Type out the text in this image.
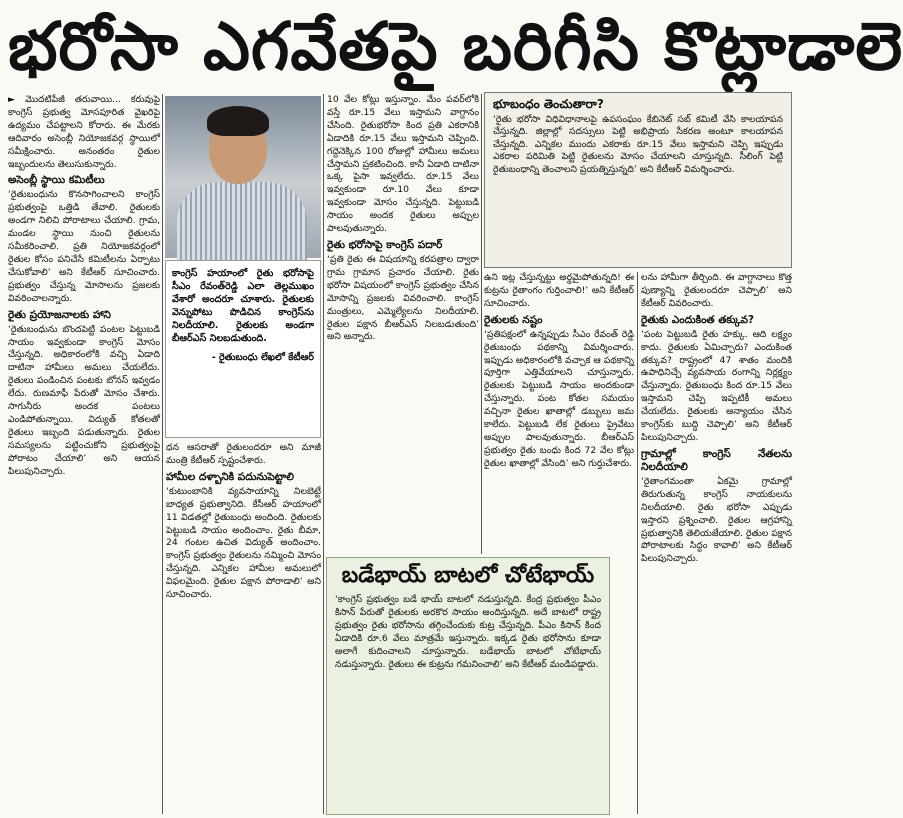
భరోసా ఎగవేతపై బరిగీసి కొట్లాడాలె

► మొదటిపేజీ తరువాయి... కరువుపై కాంగ్రెస్ ప్రభుత్వ మోసపూరిత వైఖరిపై ఉద్యమం చేపట్టాలని కోరారు. ఈ మేరకు ఆదివారం అసెంబ్లీ నియోజకవర్గ స్థాయిలో సమీక్షించారు. అనంతరం రైతుల ఇబ్బందులను తెలుసుకున్నారు.

అసెంబ్లీ స్థాయి కమిటీలు

‘రైతుబంధును కొనసాగించాలని కాంగ్రెస్ ప్రభుత్వంపై ఒత్తిడి తేవాలి. రైతులకు అండగా నిలిచి పోరాటాలు చేయాలి. గ్రామ, మండల స్థాయి నుంచి రైతులను సమీకరించాలి. ప్రతి నియోజకవర్గంలో రైతుల కోసం పనిచేసే కమిటీలను ఏర్పాటు చేసుకోవాలి’ అని కేటీఆర్ సూచించారు. ప్రభుత్వం చేస్తున్న మోసాలను ప్రజలకు వివరించాలన్నారు.

రైతు ప్రయోజనాలకు హాని

‘రైతుబంధును బొందపెట్టి పంటల పెట్టుబడి సాయం ఇవ్వకుండా కాంగ్రెస్ మోసం చేస్తున్నది. అధికారంలోకి వచ్చి ఏడాది దాటినా హామీలు అమలు చేయలేదు. రైతులు పండించిన పంటకు బోనస్ ఇవ్వడం లేదు. రుణమాఫీ పేరుతో మోసం చేశారు. సాగునీరు అందక పంటలు ఎండిపోతున్నాయి. విద్యుత్ కోతలతో రైతులు ఇబ్బంది పడుతున్నారు. రైతుల సమస్యలను పట్టించుకోని ప్రభుత్వంపై పోరాటం చేయాలి’ అని ఆయన పిలుపునిచ్చారు.

కాంగ్రెస్‌ హయాంలో రైతు భరోసాపై సీఎం రేవంత్‌రెడ్డి ఎలా తెల్లముఖం వేశారో అందరూ చూశారు. రైతులకు వెన్నుపోటు పొడిచిన కాంగ్రెస్‌ను నిలదీయాలి. రైతులకు అండగా బీఆర్‌ఎస్‌ నిలబడుతుంది.
- రైతుబంధు లేఖలో కేటీఆర్

ధన ఆసరాతో రైతులందరూ అని మాజీ మంత్రి కేటీఆర్ స్పష్టంచేశారు.

హామీల దళ్బానికి పదునుపెట్టాలి

‘కుటుంబానికి వ్యవసాయాన్ని నిలబెట్టే బాధ్యత ప్రభుత్వానిది. కేసీఆర్ హయాంలో 11 విడతల్లో రైతుబంధు అందింది. రైతులకు పెట్టుబడి సాయం అందించాం. రైతు బీమా, 24 గంటల ఉచిత విద్యుత్ అందించాం. కాంగ్రెస్ ప్రభుత్వం రైతులను నమ్మించి మోసం చేస్తున్నది. ఎన్నికల హామీల అమలులో విఫలమైంది. రైతుల పక్షాన పోరాడాలి’ అని సూచించారు.

10 వేల కోట్లు ఇస్తున్నాం. మేం పవర్‌లోకి వస్తే రూ.15 వేలు ఇస్తామని వాగ్దానం చేసింది. రైతుభరోసా కింద ప్రతి ఎకరానికి ఏడాదికి రూ.15 వేలు ఇస్తామని చెప్పింది. గద్దెనెక్కిన 100 రోజుల్లో హామీలు అమలు చేస్తామని ప్రకటించింది. కానీ ఏడాది దాటినా ఒక్క పైసా ఇవ్వలేదు. రూ.15 వేలు ఇవ్వకుండా రూ.10 వేలు కూడా ఇవ్వకుండా మోసం చేస్తున్నది. పెట్టుబడి సాయం అందక రైతులు అప్పుల పాలవుతున్నారు.

రైతు భరోసాపై కాంగ్రెస్ పదార్

‘ప్రతి రైతు ఈ విషయాన్ని కరపత్రాల ద్వారా గ్రామ గ్రామాన ప్రచారం చేయాలి. రైతు భరోసా విషయంలో కాంగ్రెస్ ప్రభుత్వం చేసిన మోసాన్ని ప్రజలకు వివరించాలి. కాంగ్రెస్ మంత్రులు, ఎమ్మెల్యేలను నిలదీయాలి. రైతుల పక్షాన బీఆర్‌ఎస్ నిలబడుతుంది’ అని అన్నారు.

భూబంధం తెంచుతారా?
‘రైతు భరోసా విధివిధానాలపై ఉపసంఘం కేబినెట్ సబ్ కమిటీ వేసి కాలయాపన చేస్తున్నది. జిల్లాల్లో సదస్సులు పెట్టి అభిప్రాయ సేకరణ అంటూ కాలయాపన చేస్తున్నది. ఎన్నికల ముందు ఎకరాకు రూ.15 వేలు ఇస్తామని చెప్పి ఇప్పుడు ఎకరాల పరిమితి పెట్టి రైతులను మోసం చేయాలని చూస్తున్నది. సీలింగ్ పెట్టి రైతుబంధాన్ని తెంచాలని ప్రయత్నిస్తున్నది’ అని కేటీఆర్ విమర్శించారు.

ఉని ఇట్ల చేస్తున్నట్టు అర్థమైపోతున్నది! ఈ కుట్రను రైతాంగం గుర్తించాలి!’ అని కేటీఆర్ సూచించారు.

రైతులకు నష్టం

‘ప్రతిపక్షంలో ఉన్నప్పుడు సీఎం రేవంత్ రెడ్డి రైతుబంధు పథకాన్ని విమర్శించారు. ఇప్పుడు అధికారంలోకి వచ్చాక ఆ పథకాన్ని పూర్తిగా ఎత్తివేయాలని చూస్తున్నారు. రైతులకు పెట్టుబడి సాయం అందకుండా చేస్తున్నారు. పంట కోతల సమయం వచ్చినా రైతుల ఖాతాల్లో డబ్బులు జమ కాలేదు. పెట్టుబడి లేక రైతులు ప్రైవేటు అప్పుల పాలవుతున్నారు. బీఆర్‌ఎస్ ప్రభుత్వం రైతు బంధు కింద 72 వేల కోట్లు రైతుల ఖాతాల్లో వేసింది’ అని గుర్తుచేశారు.

లను హామీగా తీర్చింది. ఈ వాగ్దానాలు కొత్త పుణ్యాన్ని రైతులందరూ చెప్పాలి’ అని కేటీఆర్ వివరించారు.

రైతుకు ఎందుకింత తక్కువ?

‘పంట పెట్టుబడి రైతు హక్కు. ఆది లక్ష్యం కాదు. రైతులకు ఏమిచ్చారు? ఎందుకింత తక్కువ? రాష్ట్రంలో 47 శాతం మందికి ఉపాధినిచ్చే వ్యవసాయ రంగాన్ని నిర్లక్ష్యం చేస్తున్నారు. రైతుబంధు కింద రూ.15 వేలు ఇస్తామని చెప్పి ఇప్పటికీ అమలు చేయలేదు. రైతులకు అన్యాయం చేసిన కాంగ్రెస్‌కు బుద్ధి చెప్పాలి’ అని కేటీఆర్ పిలుపునిచ్చారు.

గ్రామాల్లో కాంగ్రెస్ నేతలను నిలదీయాలి

‘రైతాంగమంతా ఏకమై గ్రామాల్లో తిరుగుతున్న కాంగ్రెస్ నాయకులను నిలదీయాలి. రైతు భరోసా ఎప్పుడు ఇస్తారని ప్రశ్నించాలి. రైతుల ఆగ్రహాన్ని ప్రభుత్వానికి తెలియజేయాలి. రైతుల పక్షాన పోరాటాలకు సిద్ధం కావాలి’ అని కేటీఆర్ పిలుపునిచ్చారు.

బడేభాయ్ బాటలో చోటేభాయ్
‘కాంగ్రెస్ ప్రభుత్వం బడే భాయ్ బాటలో నడుస్తున్నది. కేంద్ర ప్రభుత్వం పీఎం కిసాన్ పేరుతో రైతులకు అరకొర సాయం అందిస్తున్నది. అదే బాటలో రాష్ట్ర ప్రభుత్వం రైతు భరోసాను తగ్గించేందుకు కుట్ర చేస్తున్నది. పీఎం కిసాన్ కింద ఏడాదికి రూ.6 వేలు మాత్రమే ఇస్తున్నారు. ఇక్కడ రైతు భరోసాను కూడా అలాగే కుదించాలని చూస్తున్నారు. బడేభాయ్ బాటలో చోటేభాయ్ నడుస్తున్నారు. రైతులు ఈ కుట్రను గమనించాలి’ అని కేటీఆర్ మండిపడ్డారు.
